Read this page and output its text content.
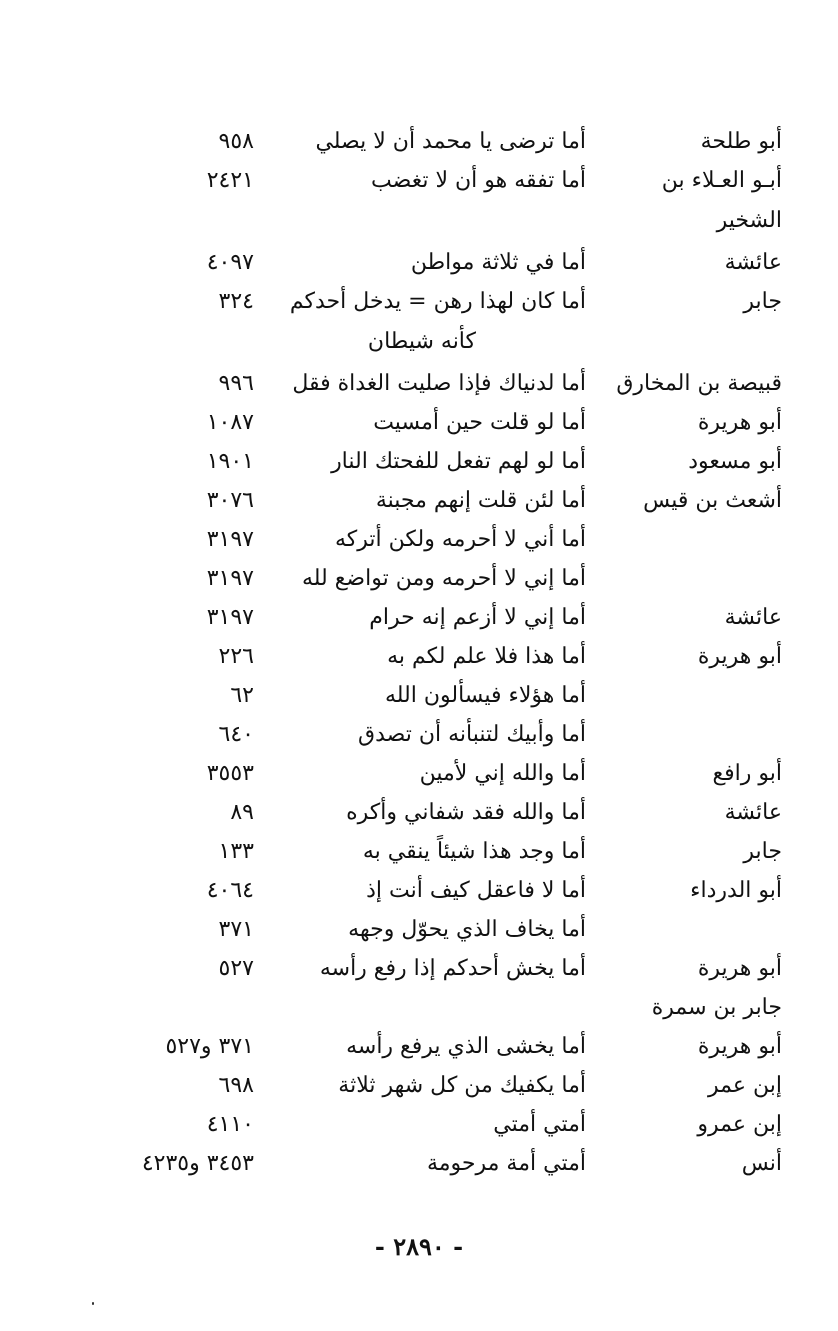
أبو طلحة
أما ترضى يا محمد أن لا يصلي
٩٥٨
أبـو العـلاء بن الشخير
أما تفقه هو أن لا تغضب
٢٤٢١
عائشة
أما في ثلاثة مواطن
٤٠٩٧
جابر
أما كان لهذا رهن = يدخل أحدكم
كأنه شيطان
٣٢٤
قبيصة بن المخارق
أما لدنياك فإذا صليت الغداة فقل
٩٩٦
أبو هريرة
أما لو قلت حين أمسيت
١٠٨٧
أبو مسعود
أما لو لهم تفعل للفحتك النار
١٩٠١
أشعث بن قيس
أما لئن قلت إنهم مجبنة
٣٠٧٦
أما أني لا أحرمه ولكن أتركه
٣١٩٧
أما إني لا أحرمه ومن تواضع لله
٣١٩٧
عائشة
أما إني لا أزعم إنه حرام
٣١٩٧
أبو هريرة
أما هذا فلا علم لكم به
٢٢٦
أما هؤلاء فيسألون الله
٦٢
أما وأبيك لتنبأنه أن تصدق
٦٤٠
أبو رافع
أما والله إني لأمين
٣٥٥٣
عائشة
أما والله فقد شفاني وأكره
٨٩
جابر
أما وجد هذا شيئاً ينقي به
١٣٣
أبو الدرداء
أما لا فاعقل كيف أنت إذ
٤٠٦٤
أما يخاف الذي يحوّل وجهه
٣٧١
أبو هريرة
أما يخش أحدكم إذا رفع رأسه
٥٢٧
جابر بن سمرة
أبو هريرة
أما يخشى الذي يرفع رأسه
٣٧١ و٥٢٧
إبن عمر
أما يكفيك من كل شهر ثلاثة
٦٩٨
إبن عمرو
أمتي أمتي
٤١١٠
أنس
أمتي أمة مرحومة
٣٤٥٣ و٤٢٣٥
- ٢٨٩٠ -
